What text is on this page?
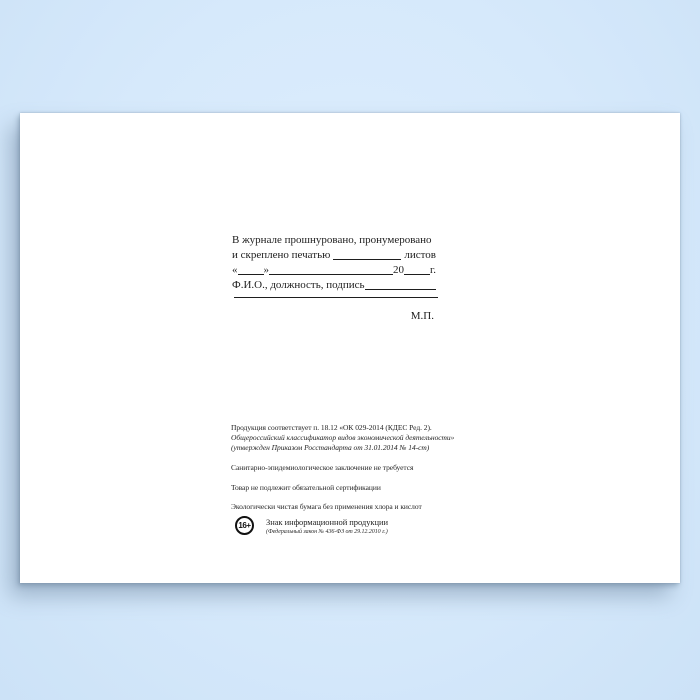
В журнале прошнуровано, пронумеровано
и скреплено печатью	листов
« »	20 г.
Ф.И.О., должность, подпись
М.П.
Продукция соответствует п. 18.12 «ОК 029-2014 (КДЕС Ред. 2).
Общероссийский классификатор видов экономической деятельности»
(утвержден Приказом Росстандарта от 31.01.2014 № 14-ст)
Санитарно-эпидемиологическое заключение не требуется
Товар не подлежит обязательной сертификации
Экологически чистая бумага без применения хлора и кислот
16+	Знак информационной продукции
(Федеральный закон № 436-ФЗ от 29.12.2010 г.)
